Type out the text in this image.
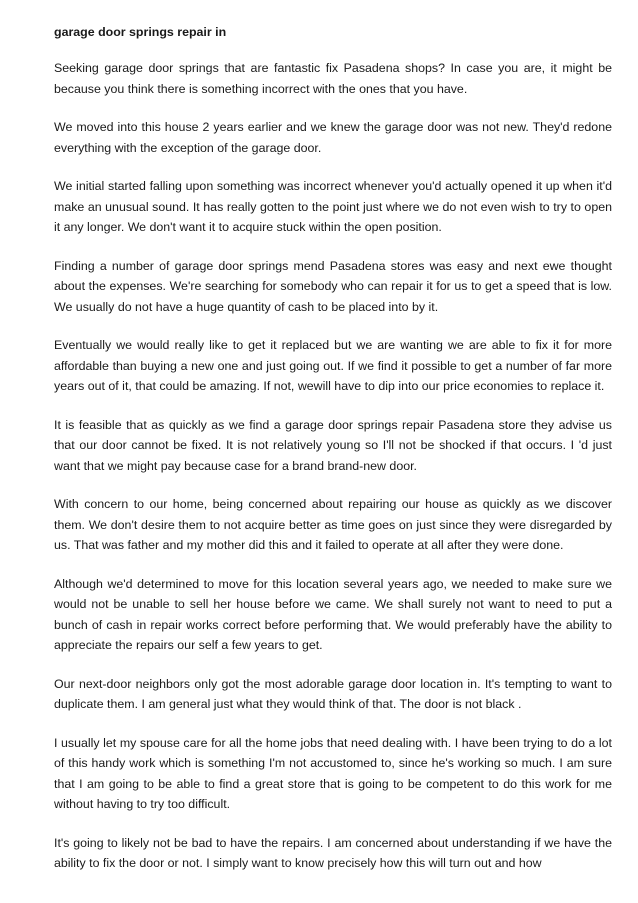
garage door springs repair in

Seeking garage door springs that are fantastic fix Pasadena shops? In case you are, it might be because you think there is something incorrect with the ones that you have.

We moved into this house 2 years earlier and we knew the garage door was not new. They'd redone everything with the exception of the garage door.

We initial started falling upon something was incorrect whenever you'd actually opened it up when it'd make an unusual sound. It has really gotten to the point just where we do not even wish to try to open it any longer. We don't want it to acquire stuck within the open position.

Finding a number of garage door springs mend Pasadena stores was easy and next ewe thought about the expenses. We're searching for somebody who can repair it for us to get a speed that is low. We usually do not have a huge quantity of cash to be placed into by it.

Eventually we would really like to get it replaced but we are wanting we are able to fix it for more affordable than buying a new one and just going out. If we find it possible to get a number of far more years out of it, that could be amazing. If not, wewill have to dip into our price economies to replace it.

It is feasible that as quickly as we find a garage door springs repair Pasadena store they advise us that our door cannot be fixed. It is not relatively young so I'll not be shocked if that occurs. I 'd just want that we might pay because case for a brand brand-new door.

With concern to our home, being concerned about repairing our house as quickly as we discover them. We don't desire them to not acquire better as time goes on just since they were disregarded by us. That was father and my mother did this and it failed to operate at all after they were done.

Although we'd determined to move for this location several years ago, we needed to make sure we would not be unable to sell her house before we came. We shall surely not want to need to put a bunch of cash in repair works correct before performing that. We would preferably have the ability to appreciate the repairs our self a few years to get.

Our next-door neighbors only got the most adorable garage door location in. It's tempting to want to duplicate them. I am general just what they would think of that. The door is not black .

I usually let my spouse care for all the home jobs that need dealing with. I have been trying to do a lot of this handy work which is something I'm not accustomed to, since he's working so much. I am sure that I am going to be able to find a great store that is going to be competent to do this work for me without having to try too difficult.

It's going to likely not be bad to have the repairs. I am concerned about understanding if we have the ability to fix the door or not. I simply want to know precisely how this will turn out and how
